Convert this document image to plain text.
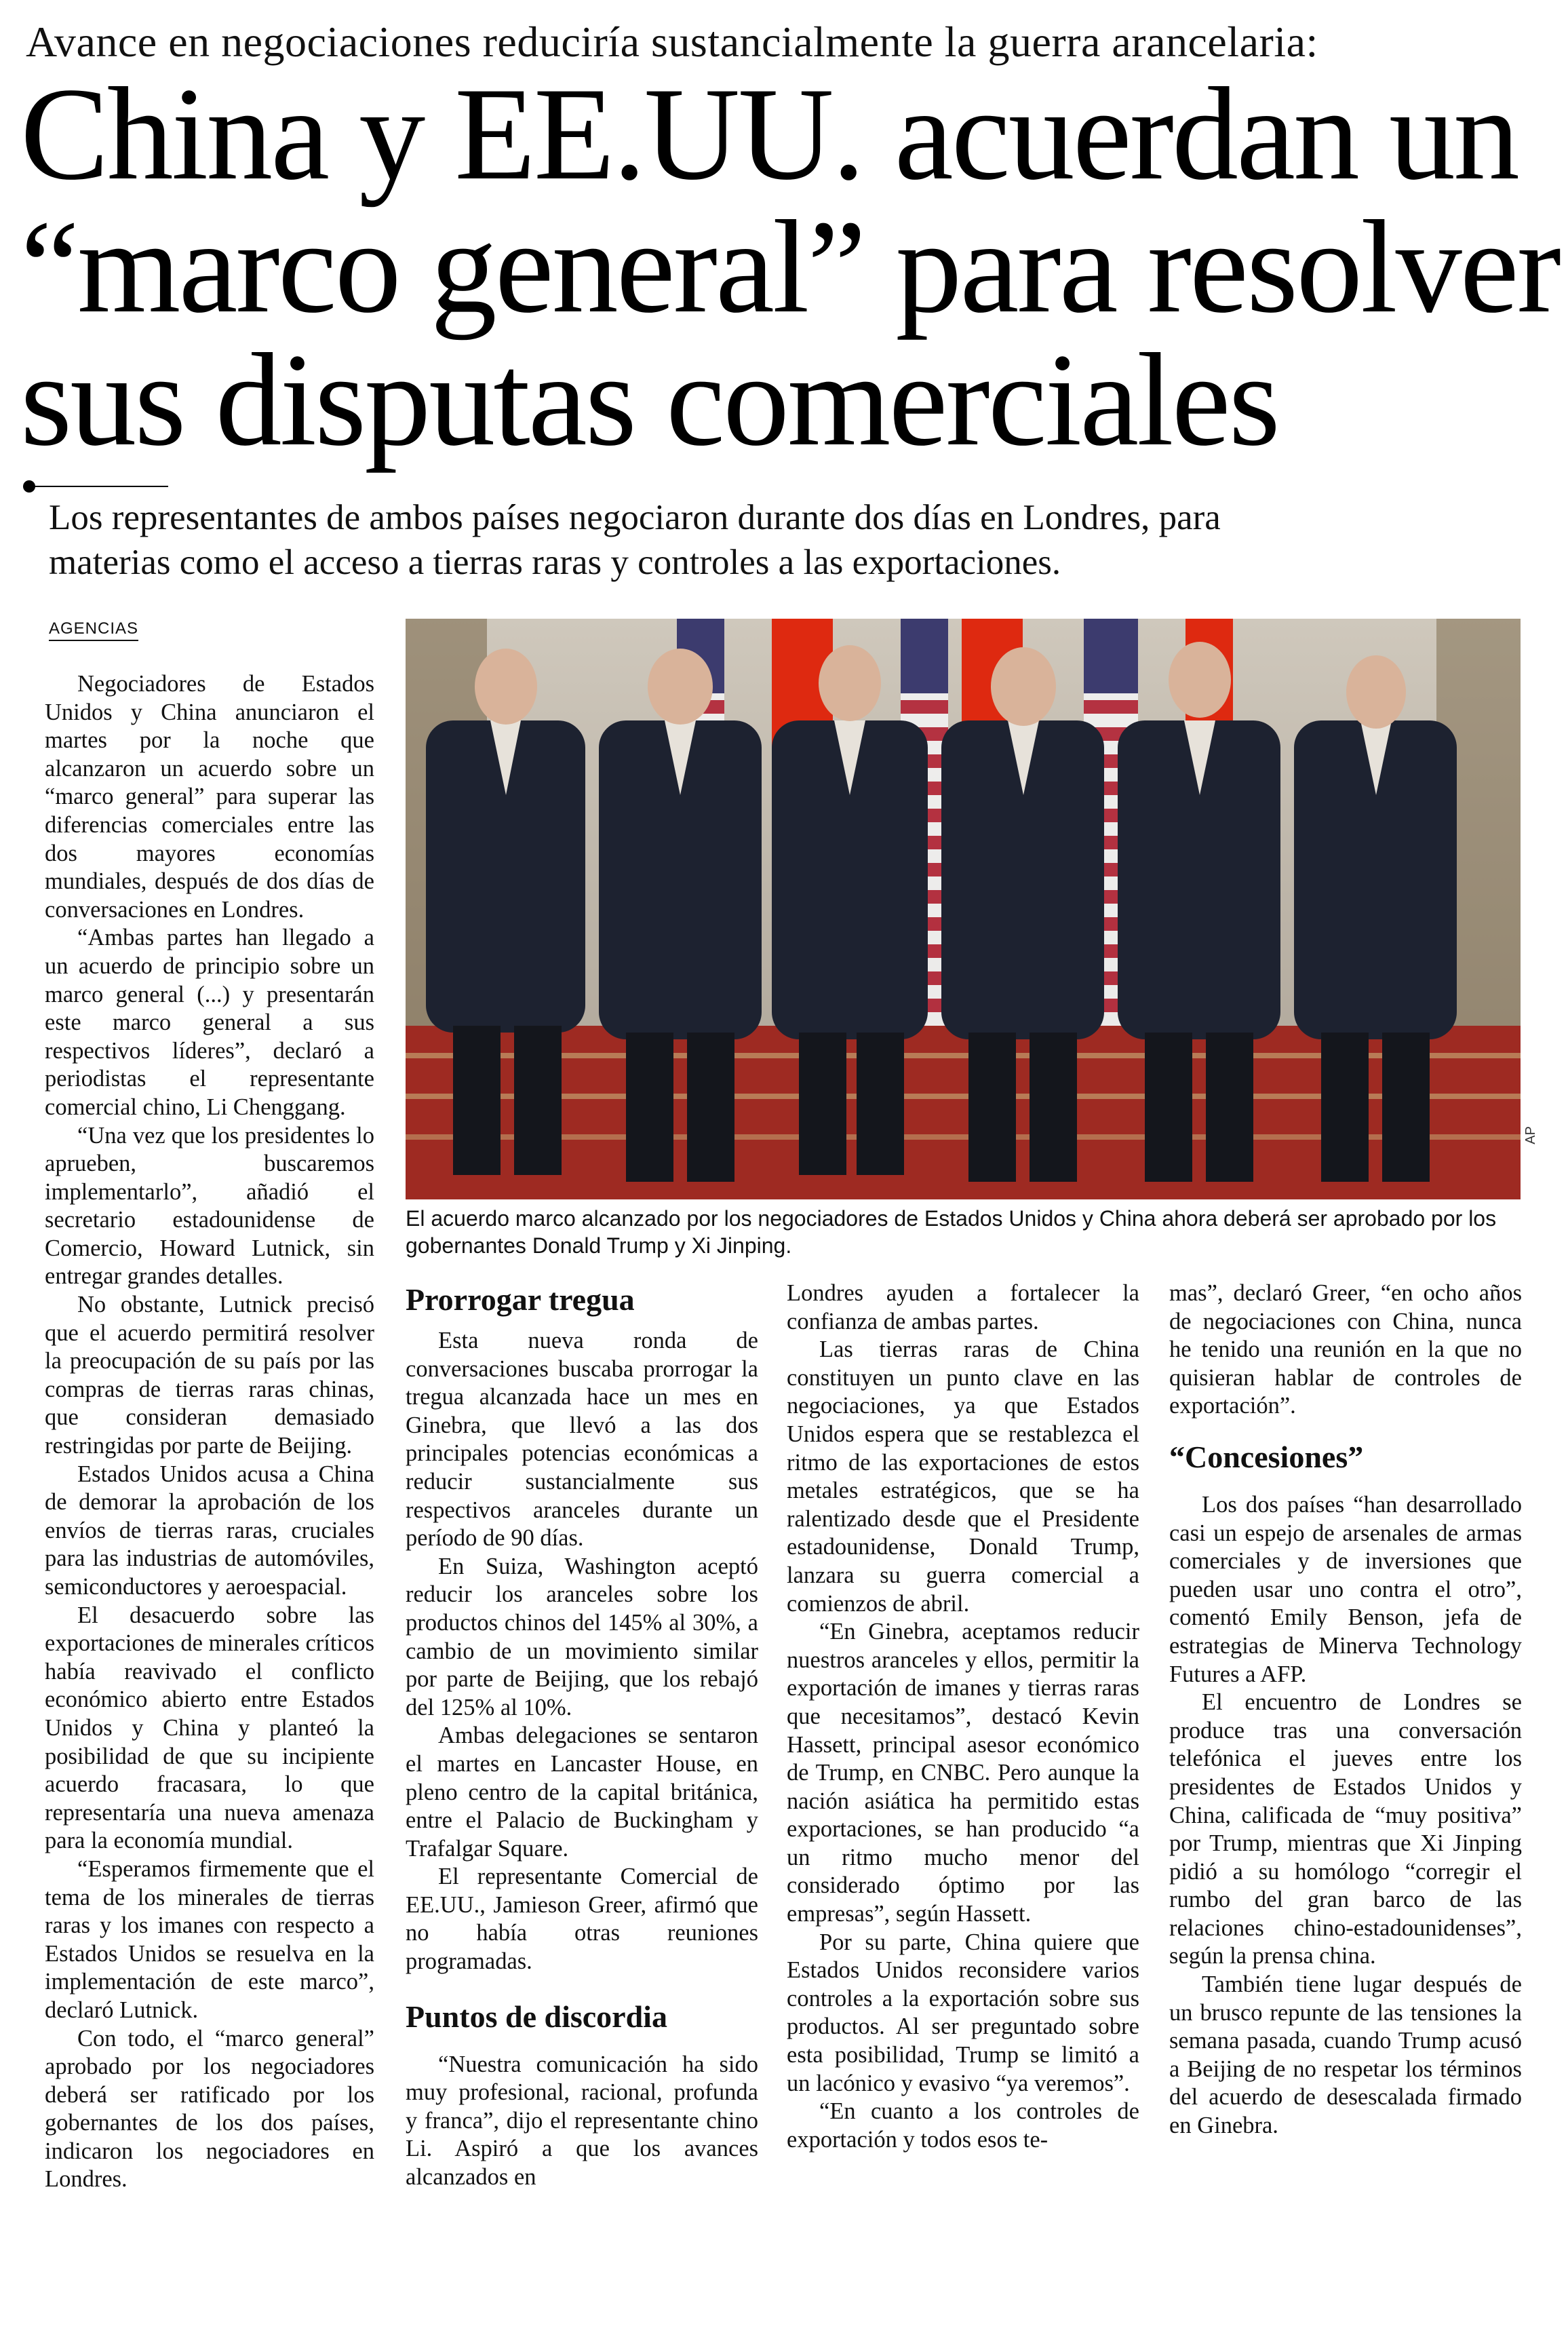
Avance en negociaciones reduciría sustancialmente la guerra arancelaria:
China y EE.UU. acuerdan un
“marco general” para resolver
sus disputas comerciales
Los representantes de ambos países negociaron durante dos días en Londres, para
materias como el acceso a tierras raras y controles a las exportaciones.
AGENCIAS
AP
El acuerdo marco alcanzado por los negociadores de Estados Unidos y China ahora deberá ser aprobado por los gobernantes Donald Trump y Xi Jinping.

Negociadores de Estados Unidos y China anunciaron el martes por la noche que alcanzaron un acuerdo sobre un “marco general” para superar las diferencias comerciales entre las dos mayores economías mundiales, después de dos días de conversaciones en Londres.

“Ambas partes han llegado a un acuerdo de principio sobre un marco general (...) y presentarán este marco general a sus respectivos líderes”, declaró a periodistas el representante comercial chino, Li Chenggang.

“Una vez que los presidentes lo aprueben, buscaremos implementarlo”, añadió el secretario estadounidense de Comercio, Howard Lutnick, sin entregar grandes detalles.

No obstante, Lutnick precisó que el acuerdo permitirá resolver la preocupación de su país por las compras de tierras raras chinas, que consideran demasiado restringidas por parte de Beijing.

Estados Unidos acusa a China de demorar la aprobación de los envíos de tierras raras, cruciales para las industrias de automóviles, semiconductores y aeroespacial.

El desacuerdo sobre las exportaciones de minerales críticos había reavivado el conflicto económico abierto entre Estados Unidos y China y planteó la posibilidad de que su incipiente acuerdo fracasara, lo que representaría una nueva amenaza para la economía mundial.

“Esperamos firmemente que el tema de los minerales de tierras raras y los imanes con respecto a Estados Unidos se resuelva en la implementación de este marco”, declaró Lutnick.

Con todo, el “marco general” aprobado por los negociadores deberá ser ratificado por los gobernantes de los dos países, indicaron los negociadores en Londres.

Prorrogar tregua

Esta nueva ronda de conversaciones buscaba prorrogar la tregua alcanzada hace un mes en Ginebra, que llevó a las dos principales potencias económicas a reducir sustancialmente sus respectivos aranceles durante un período de 90 días.

En Suiza, Washington aceptó reducir los aranceles sobre los productos chinos del 145% al 30%, a cambio de un movimiento similar por parte de Beijing, que los rebajó del 125% al 10%.

Ambas delegaciones se sentaron el martes en Lancaster House, en pleno centro de la capital británica, entre el Palacio de Buckingham y Trafalgar Square.

El representante Comercial de EE.UU., Jamieson Greer, afirmó que no había otras reuniones programadas.

Puntos de discordia

“Nuestra comunicación ha sido muy profesional, racional, profunda y franca”, dijo el representante chino Li. Aspiró a que los avances alcanzados en

Londres ayuden a fortalecer la confianza de ambas partes.

Las tierras raras de China constituyen un punto clave en las negociaciones, ya que Estados Unidos espera que se restablezca el ritmo de las exportaciones de estos metales estratégicos, que se ha ralentizado desde que el Presidente estadounidense, Donald Trump, lanzara su guerra comercial a comienzos de abril.

“En Ginebra, aceptamos reducir nuestros aranceles y ellos, permitir la exportación de imanes y tierras raras que necesitamos”, destacó Kevin Hassett, principal asesor económico de Trump, en CNBC. Pero aunque la nación asiática ha permitido estas exportaciones, se han producido “a un ritmo mucho menor del considerado óptimo por las empresas”, según Hassett.

Por su parte, China quiere que Estados Unidos reconsidere varios controles a la exportación sobre sus productos. Al ser preguntado sobre esta posibilidad, Trump se limitó a un lacónico y evasivo “ya veremos”.

“En cuanto a los controles de exportación y todos esos te-

mas”, declaró Greer, “en ocho años de negociaciones con China, nunca he tenido una reunión en la que no quisieran hablar de controles de exportación”.

“Concesiones”

Los dos países “han desarrollado casi un espejo de arsenales de armas comerciales y de inversiones que pueden usar uno contra el otro”, comentó Emily Benson, jefa de estrategias de Minerva Technology Futures a AFP.

El encuentro de Londres se produce tras una conversación telefónica el jueves entre los presidentes de Estados Unidos y China, calificada de “muy positiva” por Trump, mientras que Xi Jinping pidió a su homólogo “corregir el rumbo del gran barco de las relaciones chino-estadounidenses”, según la prensa china.

También tiene lugar después de un brusco repunte de las tensiones la semana pasada, cuando Trump acusó a Beijing de no respetar los términos del acuerdo de desescalada firmado en Ginebra.
